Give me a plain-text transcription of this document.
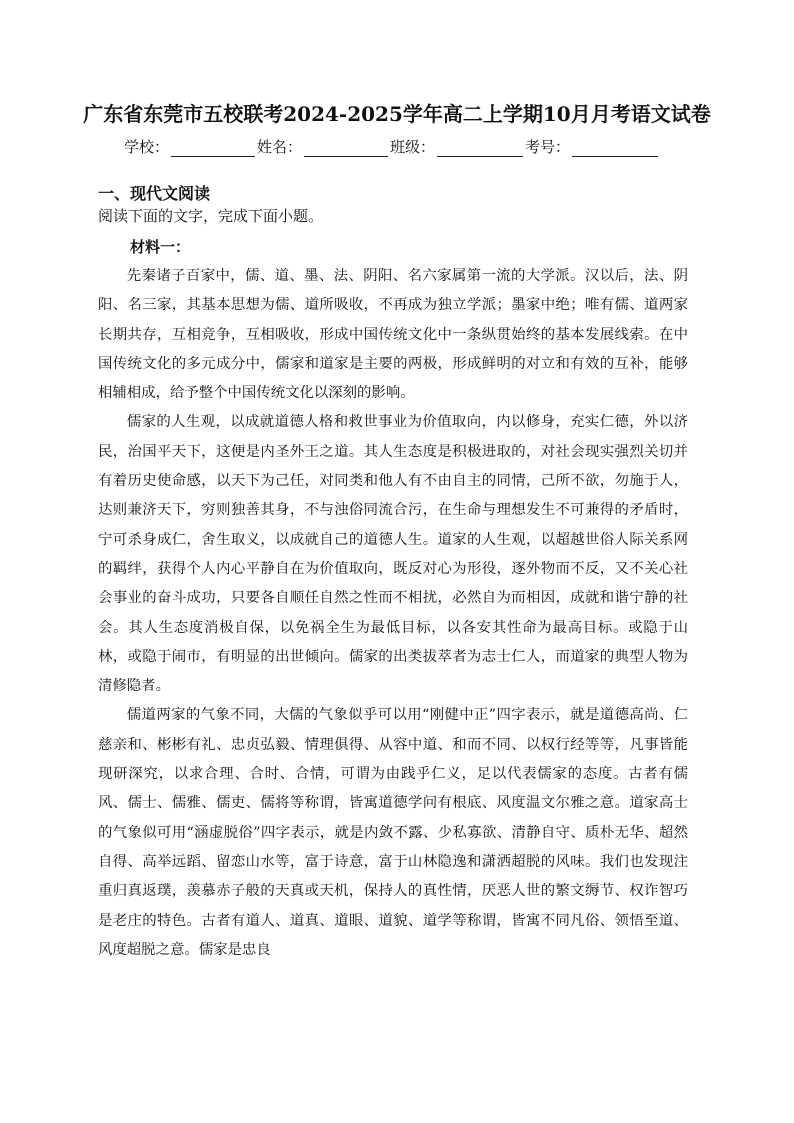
广东省东莞市五校联考2024-2025学年高二上学期10月月考语文试卷
学校：	姓名：	班级：	考号：
一、现代文阅读
阅读下面的文字，完成下面小题。
材料一：

先秦诸子百家中，儒、道、墨、法、阴阳、名六家属第一流的大学派。汉以后，法、阴阳、名三家，其基本思想为儒、道所吸收，不再成为独立学派；墨家中绝；唯有儒、道两家长期共存，互相竞争，互相吸收，形成中国传统文化中一条纵贯始终的基本发展线索。在中国传统文化的多元成分中，儒家和道家是主要的两极，形成鲜明的对立和有效的互补，能够相辅相成，给予整个中国传统文化以深刻的影响。

儒家的人生观，以成就道德人格和救世事业为价值取向，内以修身，充实仁德，外以济民，治国平天下，这便是内圣外王之道。其人生态度是积极进取的，对社会现实强烈关切并有着历史使命感，以天下为己任，对同类和他人有不由自主的同情，己所不欲，勿施于人，达则兼济天下，穷则独善其身，不与浊俗同流合污，在生命与理想发生不可兼得的矛盾时，宁可杀身成仁，舍生取义，以成就自己的道德人生。道家的人生观，以超越世俗人际关系网的羁绊，获得个人内心平静自在为价值取向，既反对心为形役，逐外物而不反，又不关心社会事业的奋斗成功，只要各自顺任自然之性而不相扰，必然自为而相因，成就和谐宁静的社会。其人生态度消极自保，以免祸全生为最低目标，以各安其性命为最高目标。或隐于山林，或隐于闹市，有明显的出世倾向。儒家的出类拔萃者为志士仁人，而道家的典型人物为清修隐者。

儒道两家的气象不同，大儒的气象似乎可以用“刚健中正”四字表示，就是道德高尚、仁慈亲和、彬彬有礼、忠贞弘毅、情理俱得、从容中道、和而不同、以权行经等等，凡事皆能现研深究，以求合理、合时、合情，可谓为由践乎仁义，足以代表儒家的态度。古者有儒风、儒士、儒雅、儒吏、儒将等称谓，皆寓道德学问有根底、风度温文尔雅之意。道家高士的气象似可用“涵虚脱俗”四字表示，就是内敛不露、少私寡欲、清静自守、质朴无华、超然自得、高举远蹈、留恋山水等，富于诗意，富于山林隐逸和潇洒超脱的风味。我们也发现注重归真返璞，羡慕赤子般的天真或天机，保持人的真性情，厌恶人世的繁文缛节、权诈智巧是老庄的特色。古者有道人、道真、道眼、道貌、道学等称谓，皆寓不同凡俗、领悟至道、风度超脱之意。儒家是忠良
